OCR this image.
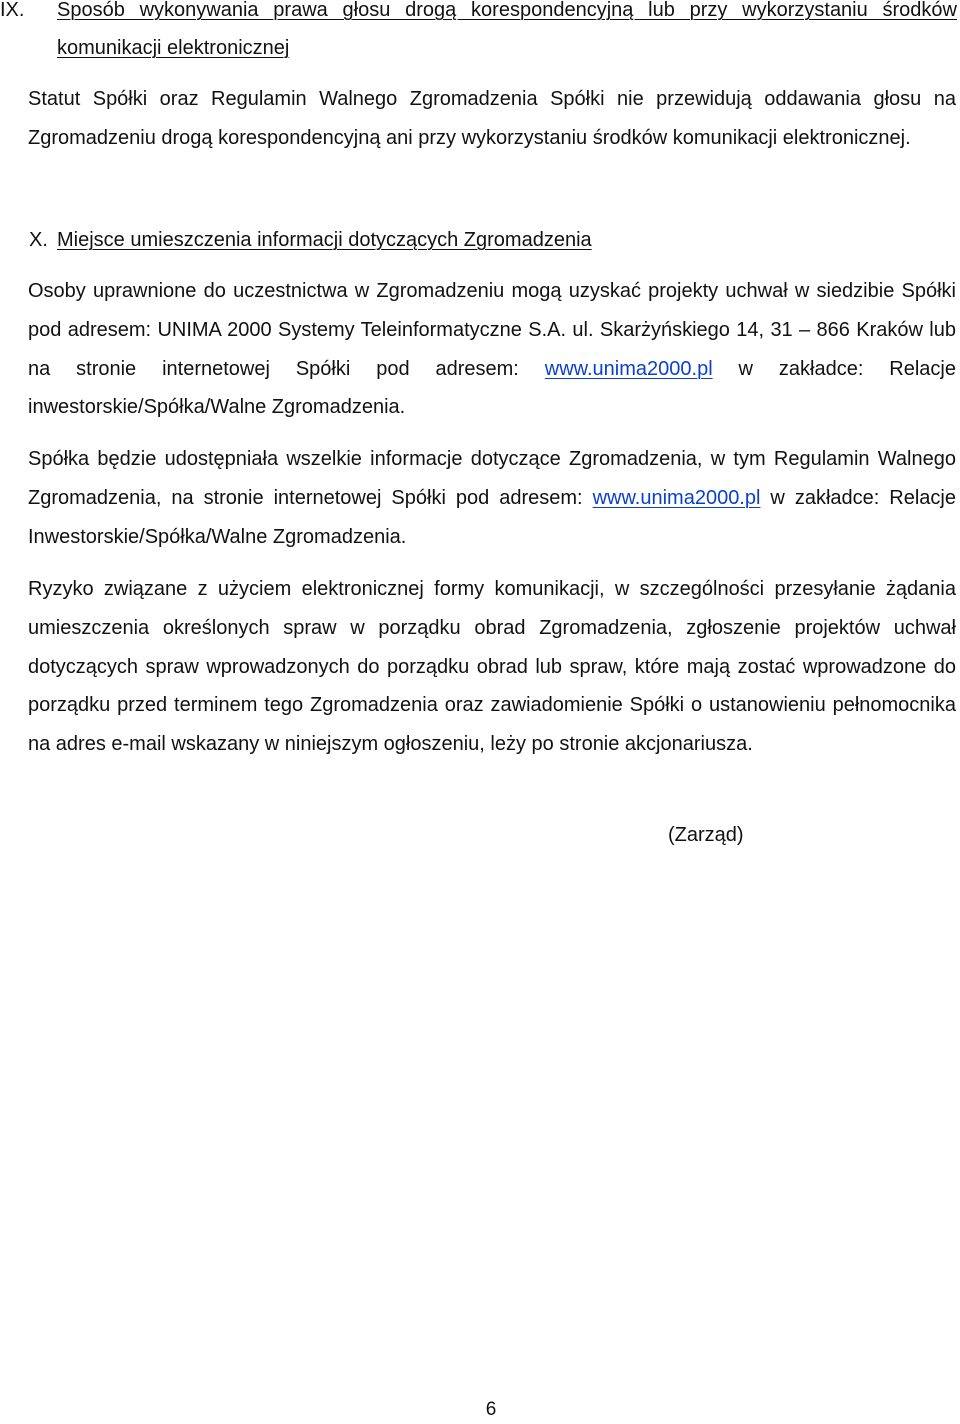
IX.	Sposób wykonywania prawa głosu drogą korespondencyjną lub przy wykorzystaniu środków komunikacji elektronicznej

Statut Spółki oraz Regulamin Walnego Zgromadzenia Spółki nie przewidują oddawania głosu na Zgromadzeniu drogą korespondencyjną ani przy wykorzystaniu środków komunikacji elektronicznej.

X. Miejsce umieszczenia informacji dotyczących Zgromadzenia

Osoby uprawnione do uczestnictwa w Zgromadzeniu mogą uzyskać projekty uchwał w siedzibie Spółki pod adresem: UNIMA 2000 Systemy Teleinformatyczne S.A. ul. Skarżyńskiego 14, 31 – 866 Kraków lub na stronie internetowej Spółki pod adresem: www.unima2000.pl w zakładce: Relacje inwestorskie/Spółka/Walne Zgromadzenia.

Spółka będzie udostępniała wszelkie informacje dotyczące Zgromadzenia, w tym Regulamin Walnego Zgromadzenia, na stronie internetowej Spółki pod adresem: www.unima2000.pl w zakładce: Relacje Inwestorskie/Spółka/Walne Zgromadzenia.

Ryzyko związane z użyciem elektronicznej formy komunikacji, w szczególności przesyłanie żądania umieszczenia określonych spraw w porządku obrad Zgromadzenia, zgłoszenie projektów uchwał dotyczących spraw wprowadzonych do porządku obrad lub spraw, które mają zostać wprowadzone do porządku przed terminem tego Zgromadzenia oraz zawiadomienie Spółki o ustanowieniu pełnomocnika na adres e-mail wskazany w niniejszym ogłoszeniu, leży po stronie akcjonariusza.

(Zarząd)
6
